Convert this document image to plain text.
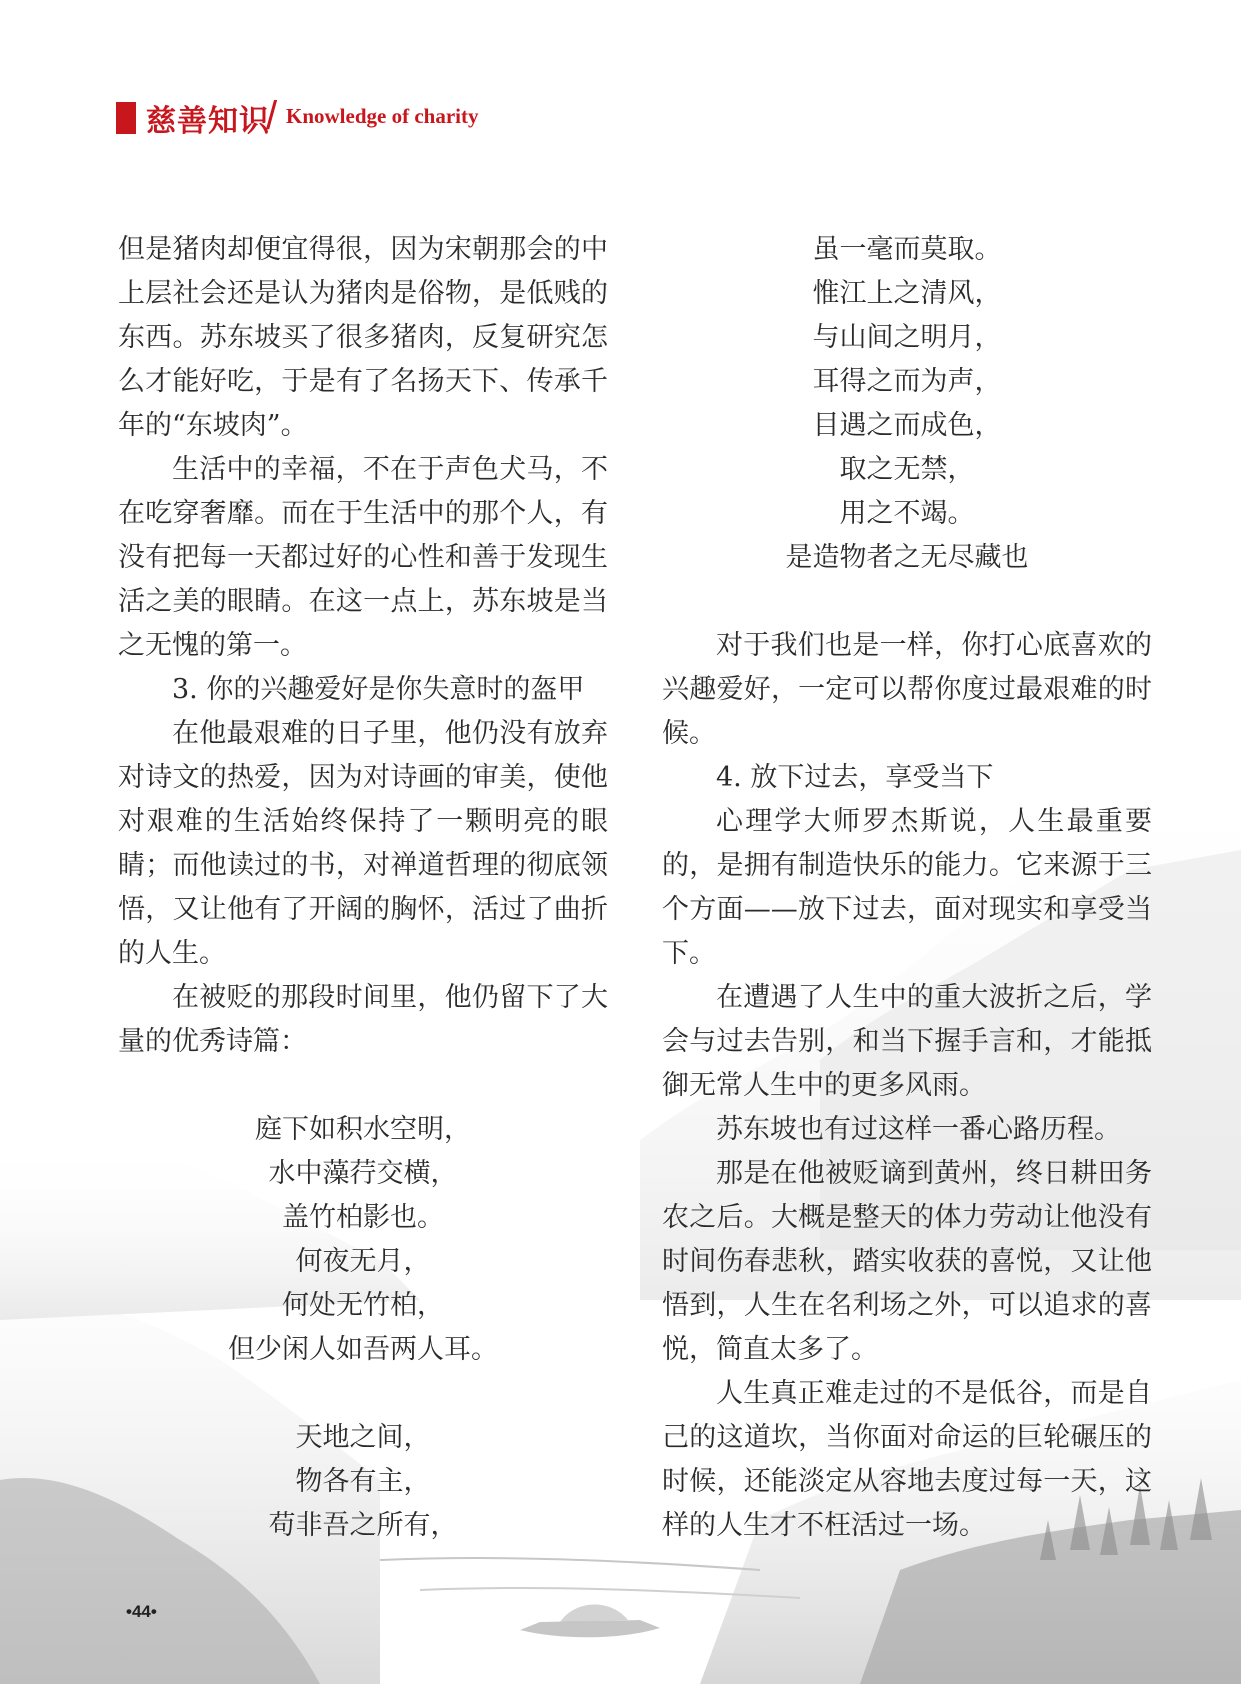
慈善知识
/ Knowledge of charity

但是猪肉却便宜得很，因为宋朝那会的中上层社会还是认为猪肉是俗物，是低贱的东西。苏东坡买了很多猪肉，反复研究怎么才能好吃，于是有了名扬天下、传承千年的“东坡肉”。

生活中的幸福，不在于声色犬马，不在吃穿奢靡。而在于生活中的那个人，有没有把每一天都过好的心性和善于发现生活之美的眼睛。在这一点上，苏东坡是当之无愧的第一。

3. 你的兴趣爱好是你失意时的盔甲

在他最艰难的日子里，他仍没有放弃对诗文的热爱，因为对诗画的审美，使他对艰难的生活始终保持了一颗明亮的眼睛；而他读过的书，对禅道哲理的彻底领悟，又让他有了开阔的胸怀，活过了曲折的人生。

在被贬的那段时间里，他仍留下了大量的优秀诗篇：

庭下如积水空明，
水中藻荇交横，
盖竹柏影也。
何夜无月，
何处无竹柏，
但少闲人如吾两人耳。
天地之间，
物各有主，
苟非吾之所有，
虽一毫而莫取。
惟江上之清风，
与山间之明月，
耳得之而为声，
目遇之而成色，
取之无禁，
用之不竭。
是造物者之无尽藏也

对于我们也是一样，你打心底喜欢的兴趣爱好，一定可以帮你度过最艰难的时候。

4. 放下过去，享受当下

心理学大师罗杰斯说，人生最重要的，是拥有制造快乐的能力。它来源于三个方面——放下过去，面对现实和享受当下。

在遭遇了人生中的重大波折之后，学会与过去告别，和当下握手言和，才能抵御无常人生中的更多风雨。

苏东坡也有过这样一番心路历程。

那是在他被贬谪到黄州，终日耕田务农之后。大概是整天的体力劳动让他没有时间伤春悲秋，踏实收获的喜悦，又让他悟到，人生在名利场之外，可以追求的喜悦，简直太多了。

人生真正难走过的不是低谷，而是自己的这道坎，当你面对命运的巨轮碾压的时候，还能淡定从容地去度过每一天，这样的人生才不枉活过一场。

•44•
